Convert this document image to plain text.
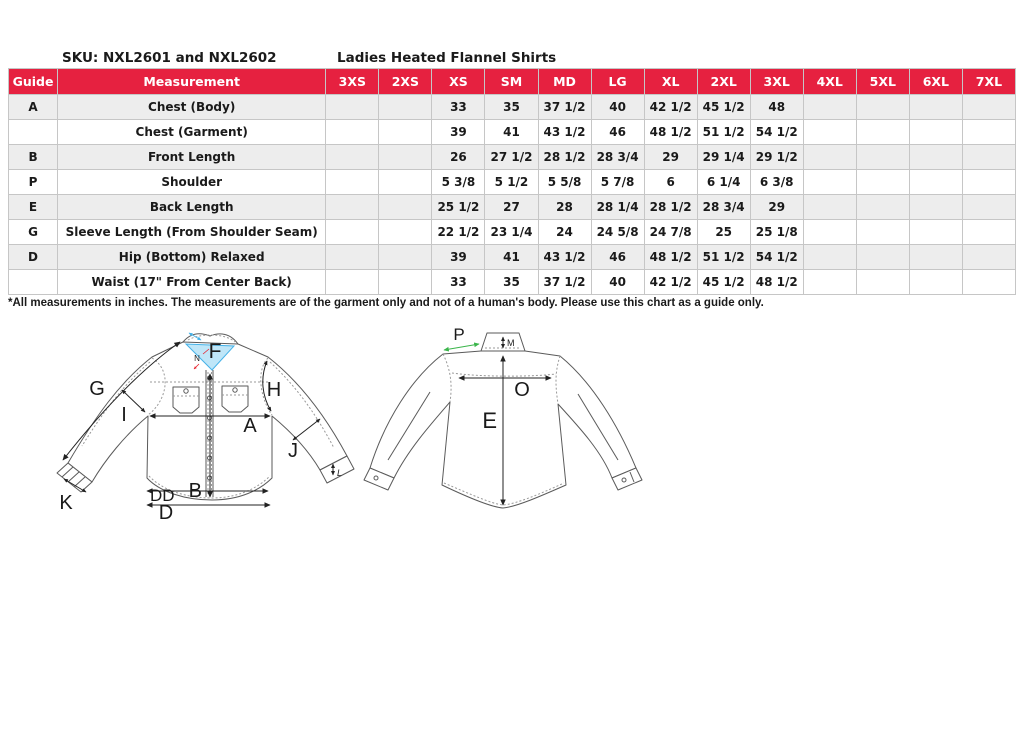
SKU: NXL2601 and NXL2602	Ladies Heated Flannel Shirts
Guide	Measurement	3XS	2XS	XS	SM	MD	LG	XL	2XL	3XL	4XL	5XL	6XL	7XL
A	Chest (Body)			33	35	37 1/2	40	42 1/2	45 1/2	48				
	Chest (Garment)			39	41	43 1/2	46	48 1/2	51 1/2	54 1/2				
B	Front Length			26	27 1/2	28 1/2	28 3/4	29	29 1/4	29 1/2				
P	Shoulder			5 3/8	5 1/2	5 5/8	5 7/8	6	6 1/4	6 3/8				
E	Back Length			25 1/2	27	28	28 1/4	28 1/2	28 3/4	29				
G	Sleeve Length (From Shoulder Seam)			22 1/2	23 1/4	24	24 5/8	24 7/8	25	25 1/8				
D	Hip (Bottom) Relaxed			39	41	43 1/2	46	48 1/2	51 1/2	54 1/2				
	Waist (17" From Center Back)			33	35	37 1/2	40	42 1/2	45 1/2	48 1/2				
*All measurements in inches. The measurements are of the garment only and not of a human's body. Please use this chart as a guide only.
G
I
F
N
H
A
J
K
B
DD
D
L
P	M
O
E
